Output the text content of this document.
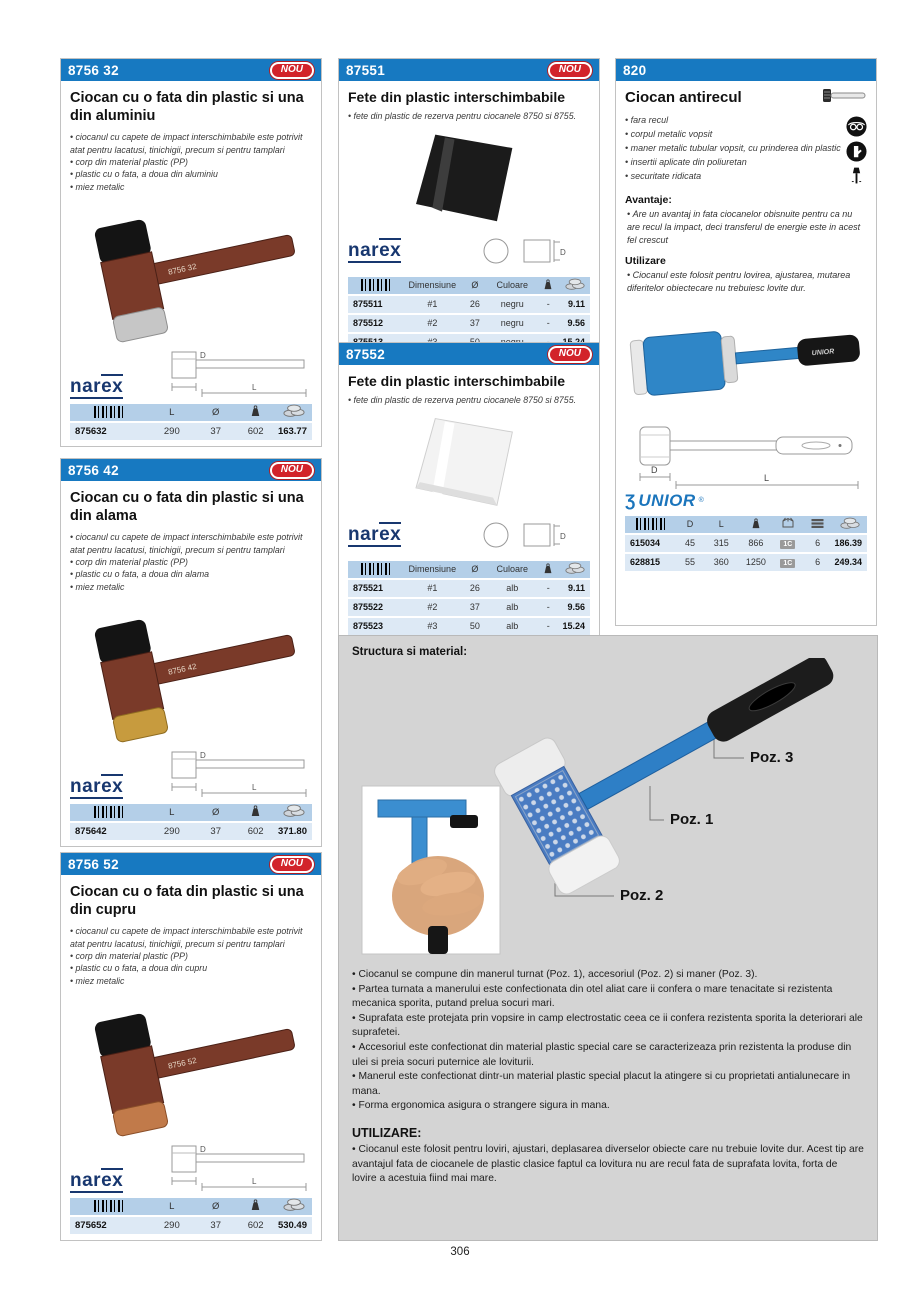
8756 32	NOU
Ciocan cu o fata din plastic si una din aluminiu
• ciocanul cu capete de impact interschimbabile este potrivit atat pentru lacatusi, tinichigii, precum si pentru tamplari
• corp din material plastic (PP)
• plastic cu o fata, a doua din aluminiu
• miez metalic
8756 32
narex
D
L
	L	Ø		
875632	290	37	602	163.77
8756 42	NOU
Ciocan cu o fata din plastic si una din alama
• ciocanul cu capete de impact interschimbabile este potrivit atat pentru lacatusi, tinichigii, precum si pentru tamplari
• corp din material plastic (PP)
• plastic cu o fata, a doua din alama
• miez metalic
8756 42
narex
D
L
	L	Ø		
875642	290	37	602	371.80
8756 52	NOU
Ciocan cu o fata din plastic si una din cupru
• ciocanul cu capete de impact interschimbabile este potrivit atat pentru lacatusi, tinichigii, precum si pentru tamplari
• corp din material plastic (PP)
• plastic cu o fata, a doua din cupru
• miez metalic
8756 52
narex
D
L
	L	Ø		
875652	290	37	602	530.49
87551	NOU
Fete din plastic interschimbabile
• fete din plastic de rezerva pentru ciocanele 8750 si 8755.
narex	D
	Dimensiune	Ø	Culoare		
875511	#1	26	negru	-	9.11
875512	#2	37	negru	-	9.56

87552	NOU
Fete din plastic interschimbabile
• fete din plastic de rezerva pentru ciocanele 8750 si 8755.
narex	D
	Dimensiune	Ø	Culoare		
875521	#1	26	alb	-	9.11
875522	#2	37	alb	-	9.56
875523	#3	50	alb	-	15.24
Structura si material:
Poz. 3
Poz. 1
Poz. 2
• Ciocanul se compune din manerul turnat (Poz. 1), accesoriul (Poz. 2) si maner (Poz. 3).
• Partea turnata a manerului este confectionata din otel aliat care ii confera o mare tenacitate si rezistenta mecanica sporita, putand prelua socuri mari.
• Suprafata este protejata prin vopsire in camp electrostatic ceea ce ii confera rezistenta sporita la deteriorari ale suprafetei.
• Accesoriul este confectionat din material plastic special care se caracterizeaza prin rezistenta la produse din ulei si preia socuri puternice ale loviturii.
• Manerul este confectionat dintr-un material plastic special placut la atingere si cu proprietati antialunecare in mana.
• Forma ergonomica asigura o strangere sigura in mana.
UTILIZARE:

• Ciocanul este folosit pentru loviri, ajustari, deplasarea diverselor obiecte care nu trebuie lovite dur. Acest tip are avantajul fata de ciocanele de plastic clasice faptul ca lovitura nu are recul fata de suprafata lovita, forta de lovire a acestuia fiind mai mare.

820
Ciocan antirecul
• fara recul
• corpul metalic vopsit
• maner metalic tubular vopsit, cu prinderea din plastic
• insertii aplicate din poliuretan
• securitate ridicata
Avantaje:

• Are un avantaj in fata ciocanelor obisnuite pentru ca nu are recul la impact, deci transferul de energie este in acest fel crescut

Utilizare

• Ciocanul este folosit pentru lovirea, ajustarea, mutarea diferitelor obiectecare nu trebuiesc lovite dur.

UNIOR
D
L
Ʒ UNIOR ®
	D	L				
615034	45	315	866	1C	6	186.39
628815	55	360	1250	1C	6	249.34
306
